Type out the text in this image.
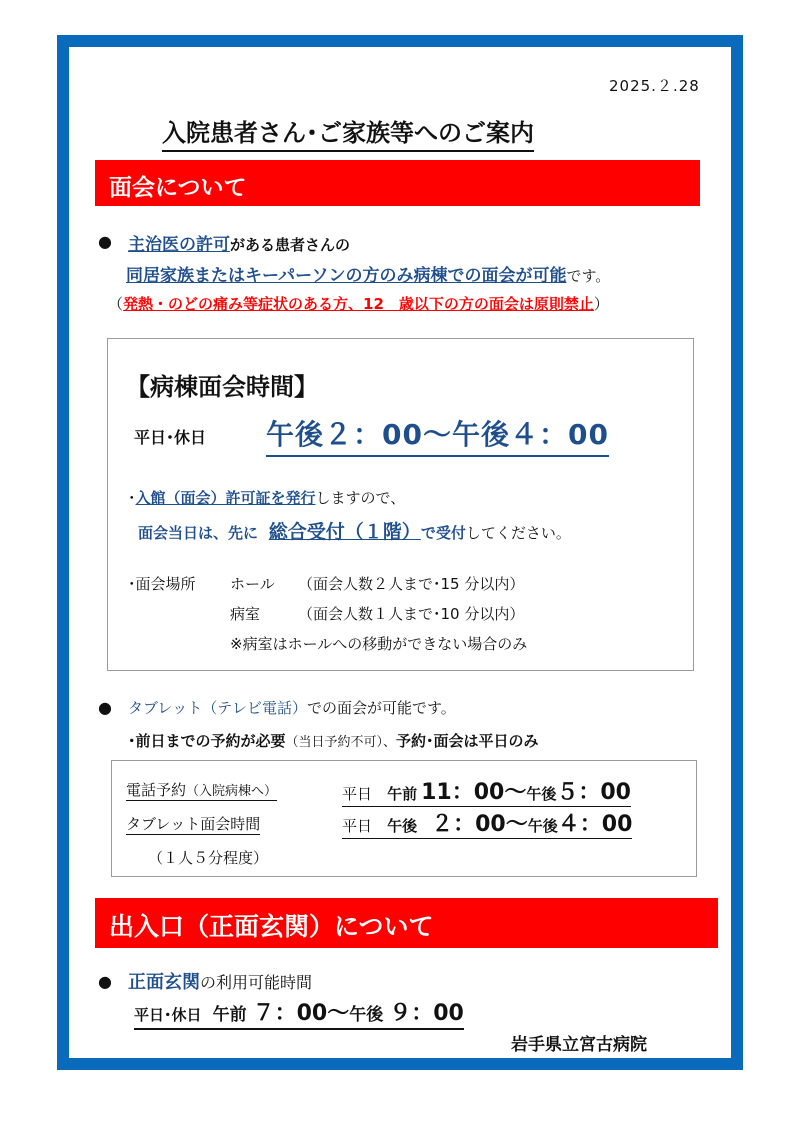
2025.２.28
入院患者さん･ご家族等へのご案内
面会について
● 主治医の許可がある患者さんの
同居家族またはキーパーソンの方のみ病棟での面会が可能です。
（発熱・のどの痛み等症状のある方、12　歳以下の方の面会は原則禁止）
【病棟面会時間】
平日･休日 午後２：00～午後４：00
･入館（面会）許可証を発行しますので、
面会当日は、先に 総合受付（１階）で受付してください。
･面会場所 ホール （面会人数２人まで･15 分以内）
病室	（面会人数１人まで･10 分以内）
※病室はホールへの移動ができない場合のみ
● タブレット（テレビ電話）での面会が可能です。
･前日までの予約が必要（当日予約不可）、予約･面会は平日のみ
電話予約（入院病棟へ）	平日 午前 11：00～午後５：00
タブレット面会時間	平日 午後 ２：00～午後４：00
（１人５分程度）
出入口（正面玄関）について
● 正面玄関の利用可能時間
平日･休日 午前 ７：00～午後 ９：00
岩手県立宮古病院
